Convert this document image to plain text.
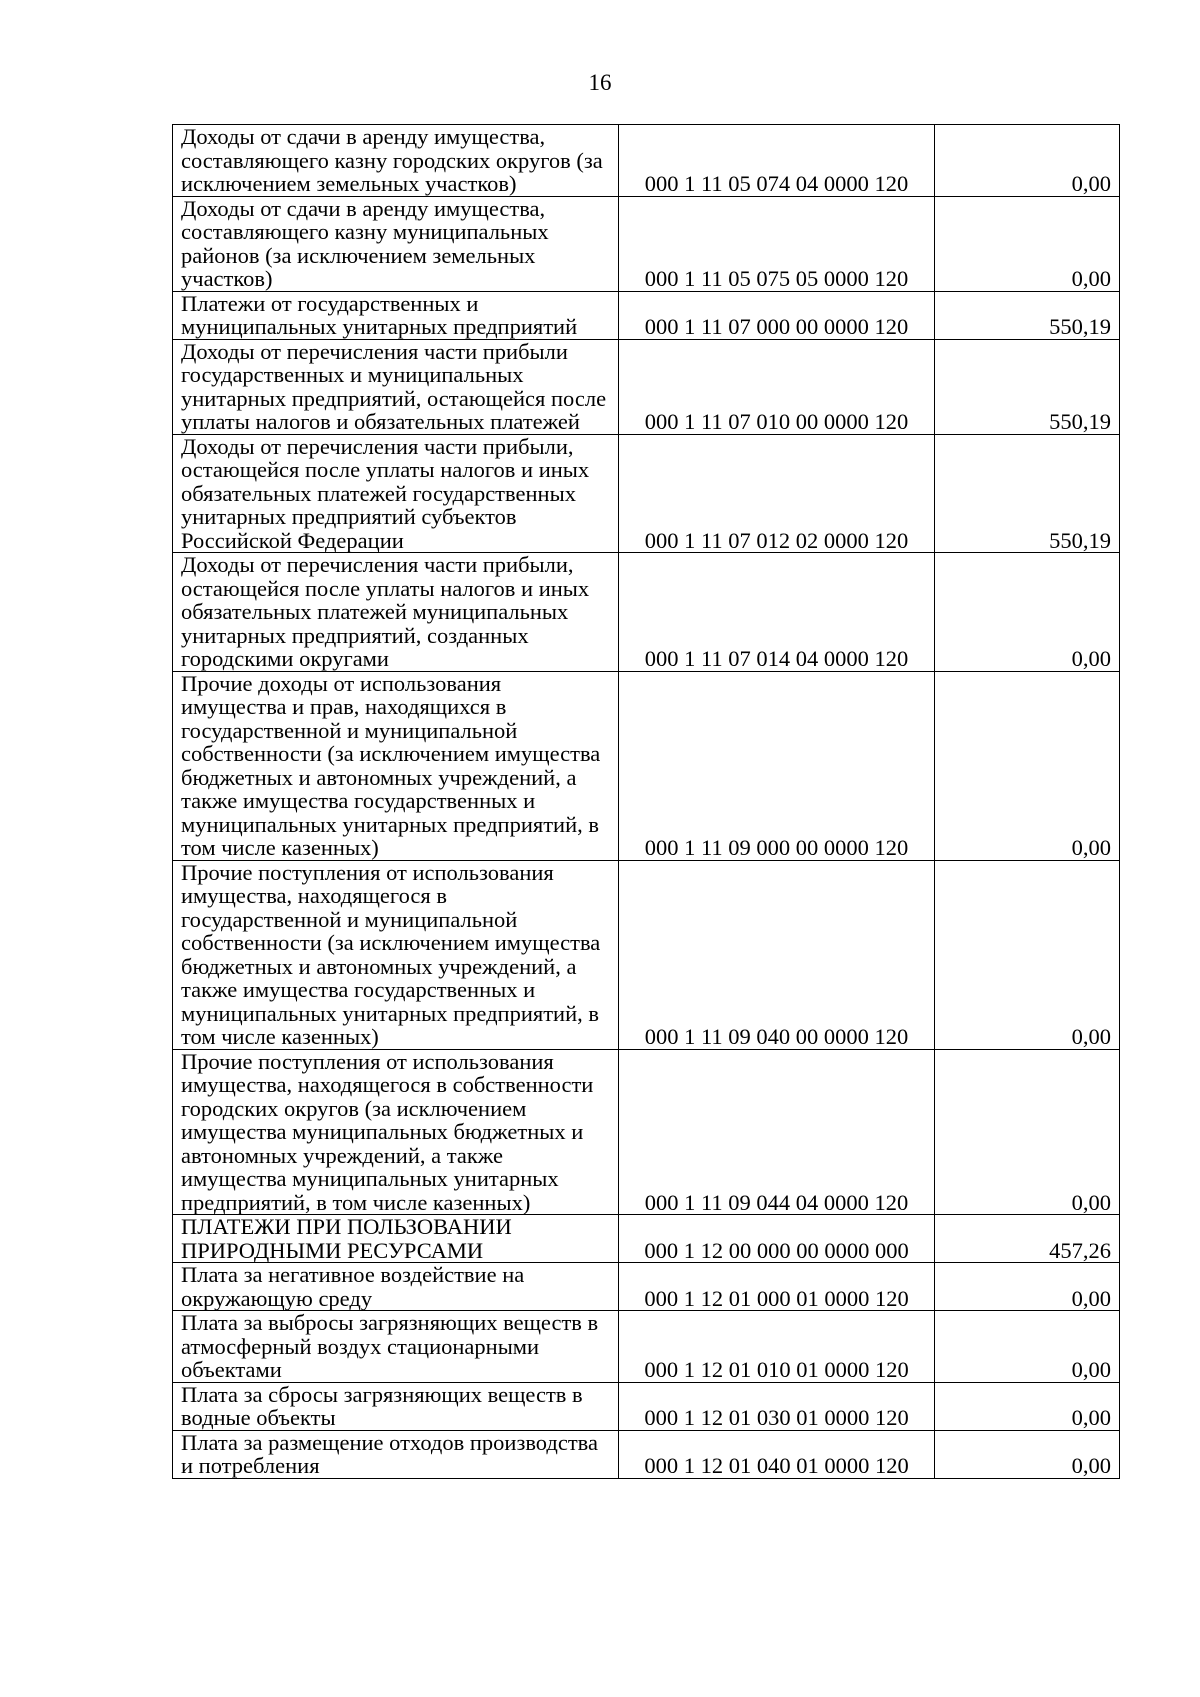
16
Доходы от сдачи в аренду имущества, составляющего казну городских округов (за исключением земельных участков)	000 1 11 05 074 04 0000 120	0,00
Доходы от сдачи в аренду имущества, составляющего казну муниципальных районов (за исключением земельных участков)	000 1 11 05 075 05 0000 120	0,00
Платежи от государственных и муниципальных унитарных предприятий	000 1 11 07 000 00 0000 120	550,19
Доходы от перечисления части прибыли государственных и муниципальных унитарных предприятий, остающейся после уплаты налогов и обязательных платежей	000 1 11 07 010 00 0000 120	550,19
Доходы от перечисления части прибыли, остающейся после уплаты налогов и иных обязательных платежей государственных унитарных предприятий субъектов Российской Федерации	000 1 11 07 012 02 0000 120	550,19
Доходы от перечисления части прибыли, остающейся после уплаты налогов и иных обязательных платежей муниципальных унитарных предприятий, созданных городскими округами	000 1 11 07 014 04 0000 120	0,00
Прочие доходы от использования имущества и прав, находящихся в государственной и муниципальной собственности (за исключением имущества бюджетных и автономных учреждений, а также имущества государственных и муниципальных унитарных предприятий, в том числе казенных)	000 1 11 09 000 00 0000 120	0,00
Прочие поступления от использования имущества, находящегося в государственной и муниципальной собственности (за исключением имущества бюджетных и автономных учреждений, а также имущества государственных и муниципальных унитарных предприятий, в том числе казенных)	000 1 11 09 040 00 0000 120	0,00
Прочие поступления от использования имущества, находящегося в собственности городских округов (за исключением имущества муниципальных бюджетных и автономных учреждений, а также имущества муниципальных унитарных предприятий, в том числе казенных)	000 1 11 09 044 04 0000 120	0,00
ПЛАТЕЖИ ПРИ ПОЛЬЗОВАНИИ ПРИРОДНЫМИ РЕСУРСАМИ	000 1 12 00 000 00 0000 000	457,26
Плата за негативное воздействие на окружающую среду	000 1 12 01 000 01 0000 120	0,00
Плата за выбросы загрязняющих веществ в атмосферный воздух стационарными объектами	000 1 12 01 010 01 0000 120	0,00
Плата за сбросы загрязняющих веществ в водные объекты	000 1 12 01 030 01 0000 120	0,00
Плата за размещение отходов производства и потребления	000 1 12 01 040 01 0000 120	0,00
